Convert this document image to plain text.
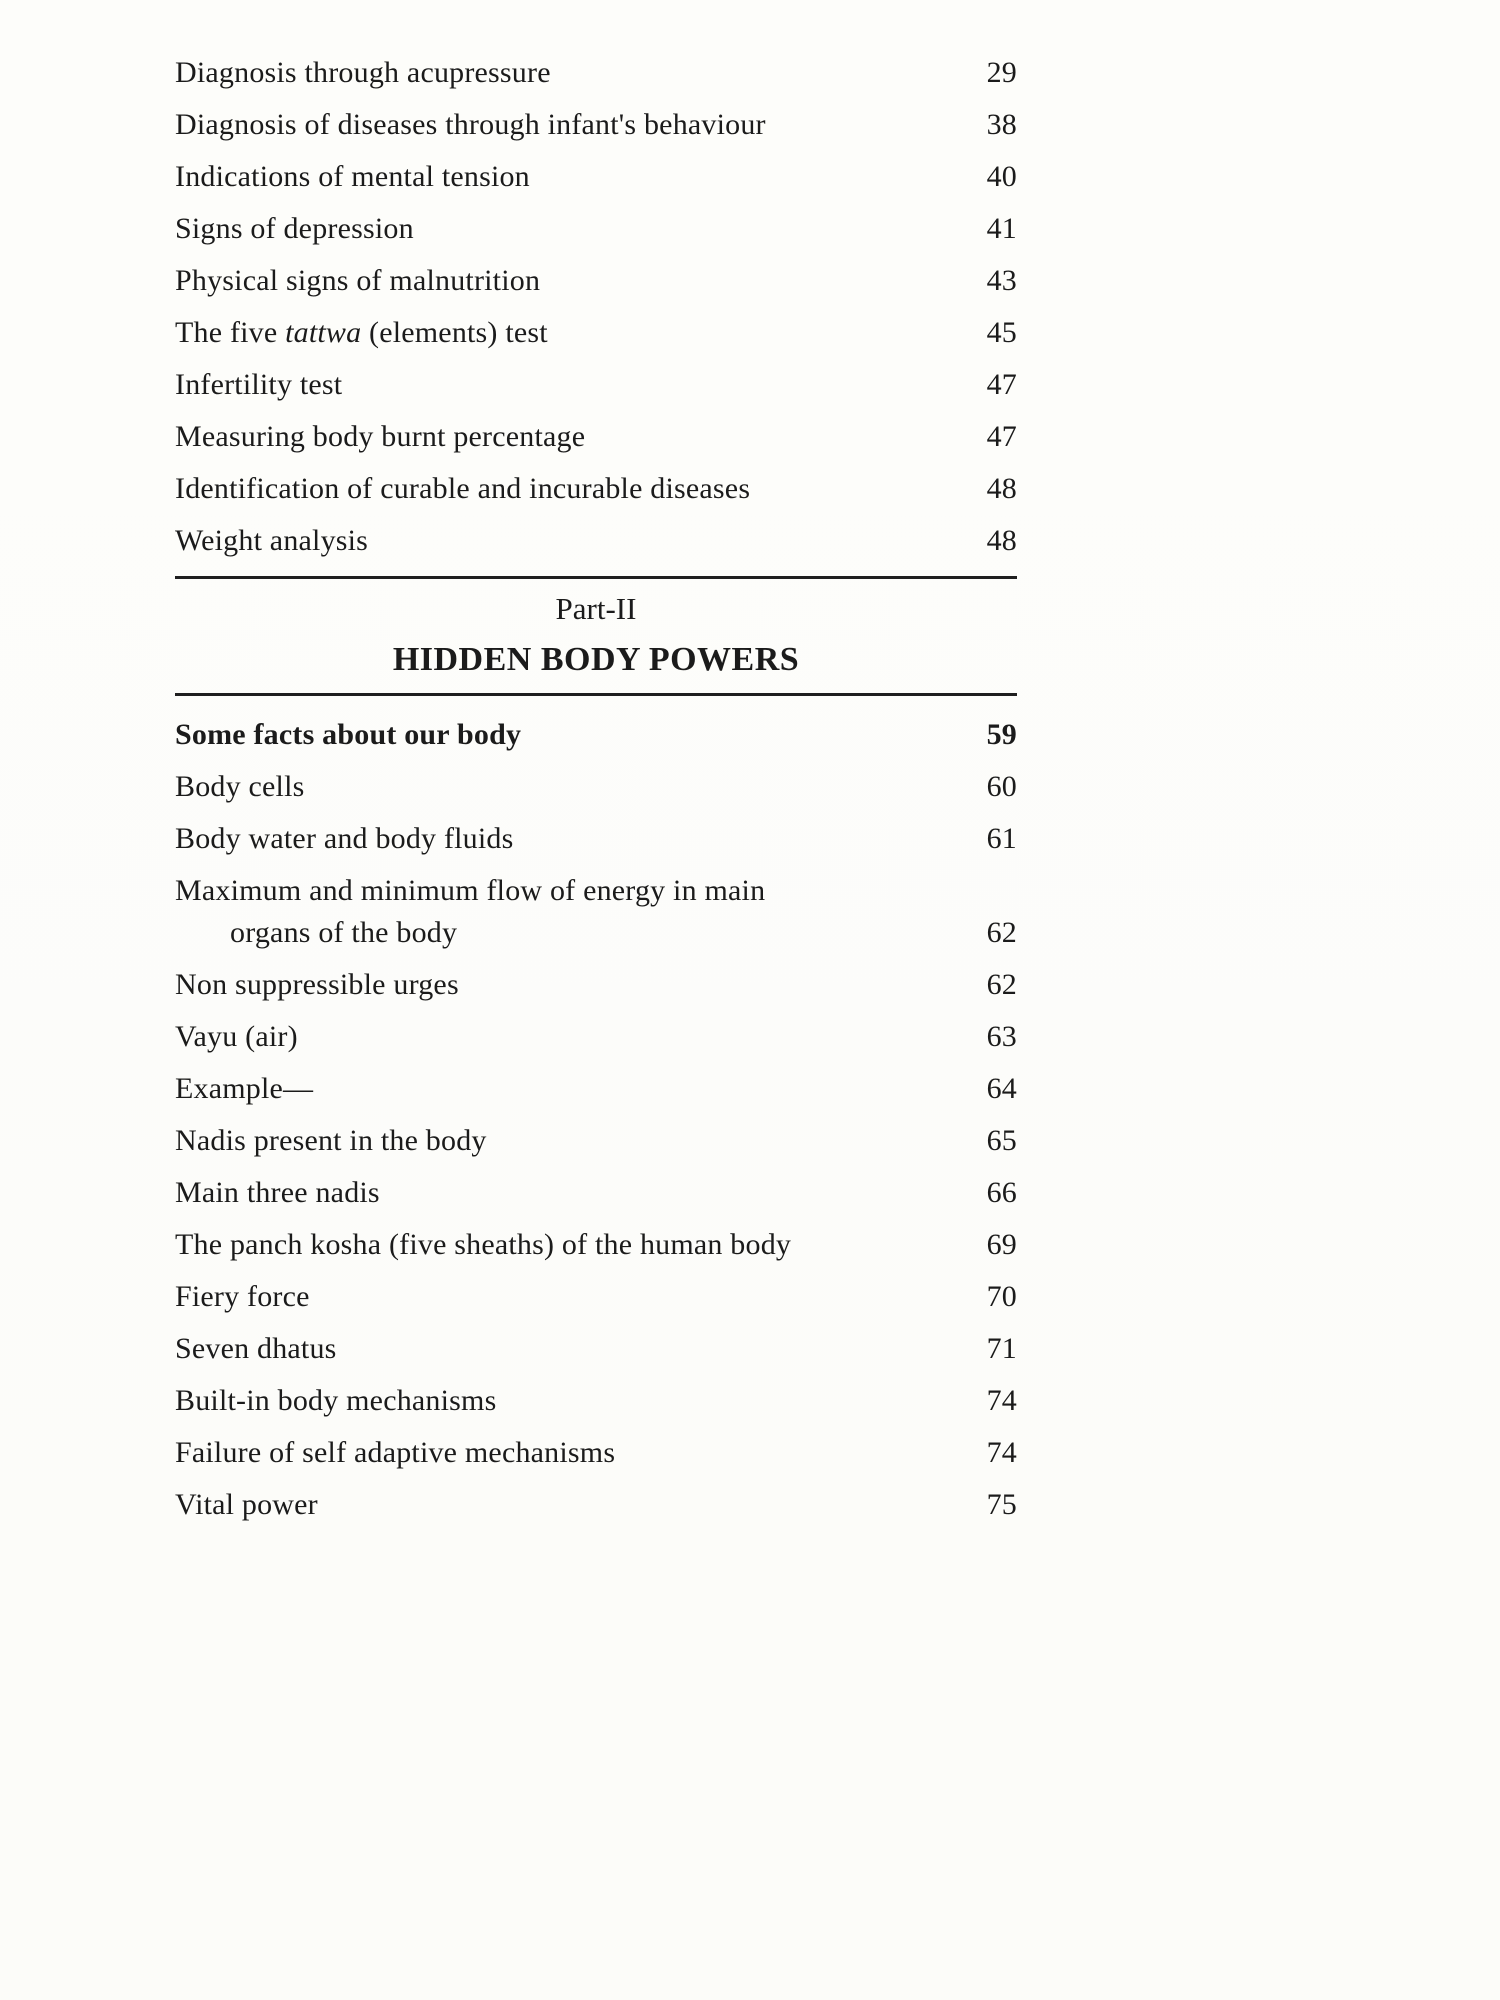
Diagnosis through acupressure	29
Diagnosis of diseases through infant's behaviour	38
Indications of mental tension	40
Signs of depression	41
Physical signs of malnutrition	43
The five tattwa (elements) test	45
Infertility test	47
Measuring body burnt percentage	47
Identification of curable and incurable diseases	48
Weight analysis	48
Part-II
HIDDEN BODY POWERS
Some facts about our body	59
Body cells	60
Body water and body fluids	61
Maximum and minimum flow of energy in main
organs of the body	62
Non suppressible urges	62
Vayu (air)	63
Example—	64
Nadis present in the body	65
Main three nadis	66
The panch kosha (five sheaths) of the human body	69
Fiery force	70
Seven dhatus	71
Built-in body mechanisms	74
Failure of self adaptive mechanisms	74
Vital power	75
